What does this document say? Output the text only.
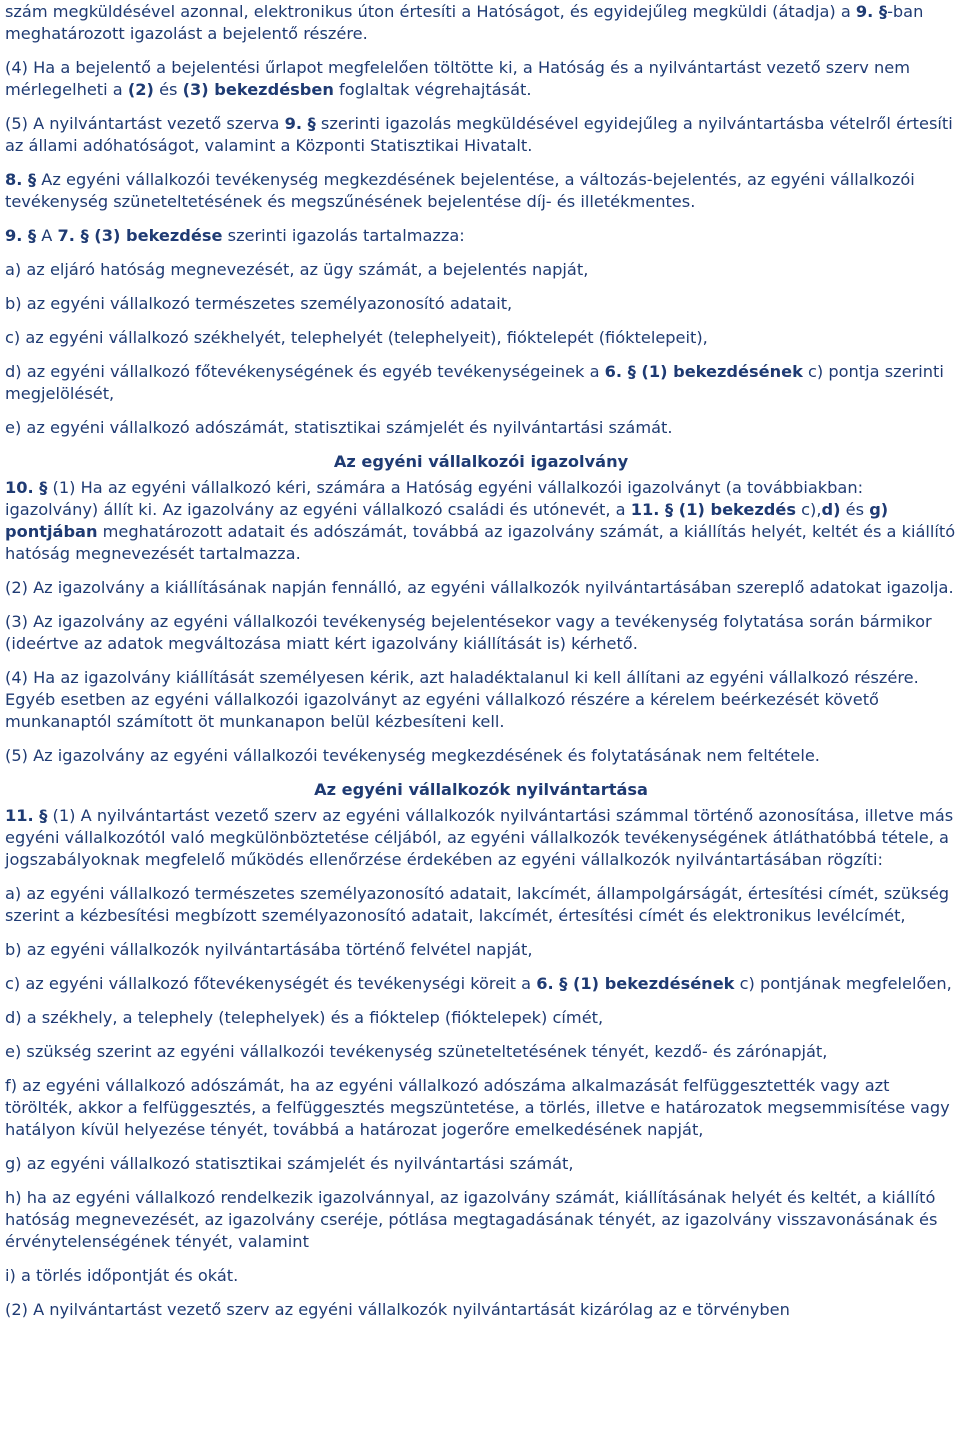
szám megküldésével azonnal, elektronikus úton értesíti a Hatóságot, és egyidejűleg megküldi (átadja) a 9. §-ban meghatározott igazolást a bejelentő részére.

(4) Ha a bejelentő a bejelentési űrlapot megfelelően töltötte ki, a Hatóság és a nyilvántartást vezető szerv nem mérlegelheti a (2) és (3) bekezdésben foglaltak végrehajtását.

(5) A nyilvántartást vezető szerva 9. § szerinti igazolás megküldésével egyidejűleg a nyilvántartásba vételről értesíti az állami adóhatóságot, valamint a Központi Statisztikai Hivatalt.

8. § Az egyéni vállalkozói tevékenység megkezdésének bejelentése, a változás-bejelentés, az egyéni vállalkozói tevékenység szüneteltetésének és megszűnésének bejelentése díj- és illetékmentes.

9. § A 7. § (3) bekezdése szerinti igazolás tartalmazza:

a) az eljáró hatóság megnevezését, az ügy számát, a bejelentés napját,

b) az egyéni vállalkozó természetes személyazonosító adatait,

c) az egyéni vállalkozó székhelyét, telephelyét (telephelyeit), fióktelepét (fióktelepeit),

d) az egyéni vállalkozó főtevékenységének és egyéb tevékenységeinek a 6. § (1) bekezdésének c) pontja szerinti megjelölését,

e) az egyéni vállalkozó adószámát, statisztikai számjelét és nyilvántartási számát.

Az egyéni vállalkozói igazolvány

10. § (1) Ha az egyéni vállalkozó kéri, számára a Hatóság egyéni vállalkozói igazolványt (a továbbiakban: igazolvány) állít ki. Az igazolvány az egyéni vállalkozó családi és utónevét, a 11. § (1) bekezdés c),d) és g) pontjában meghatározott adatait és adószámát, továbbá az igazolvány számát, a kiállítás helyét, keltét és a kiállító hatóság megnevezését tartalmazza.

(2) Az igazolvány a kiállításának napján fennálló, az egyéni vállalkozók nyilvántartásában szereplő adatokat igazolja.

(3) Az igazolvány az egyéni vállalkozói tevékenység bejelentésekor vagy a tevékenység folytatása során bármikor (ideértve az adatok megváltozása miatt kért igazolvány kiállítását is) kérhető.

(4) Ha az igazolvány kiállítását személyesen kérik, azt haladéktalanul ki kell állítani az egyéni vállalkozó részére. Egyéb esetben az egyéni vállalkozói igazolványt az egyéni vállalkozó részére a kérelem beérkezését követő munkanaptól számított öt munkanapon belül kézbesíteni kell.

(5) Az igazolvány az egyéni vállalkozói tevékenység megkezdésének és folytatásának nem feltétele.

Az egyéni vállalkozók nyilvántartása

11. § (1) A nyilvántartást vezető szerv az egyéni vállalkozók nyilvántartási számmal történő azonosítása, illetve más egyéni vállalkozótól való megkülönböztetése céljából, az egyéni vállalkozók tevékenységének átláthatóbbá tétele, a jogszabályoknak megfelelő működés ellenőrzése érdekében az egyéni vállalkozók nyilvántartásában rögzíti:

a) az egyéni vállalkozó természetes személyazonosító adatait, lakcímét, állampolgárságát, értesítési címét, szükség szerint a kézbesítési megbízott személyazonosító adatait, lakcímét, értesítési címét és elektronikus levélcímét,

b) az egyéni vállalkozók nyilvántartásába történő felvétel napját,

c) az egyéni vállalkozó főtevékenységét és tevékenységi köreit a 6. § (1) bekezdésének c) pontjának megfelelően,

d) a székhely, a telephely (telephelyek) és a fióktelep (fióktelepek) címét,

e) szükség szerint az egyéni vállalkozói tevékenység szüneteltetésének tényét, kezdő- és zárónapját,

f) az egyéni vállalkozó adószámát, ha az egyéni vállalkozó adószáma alkalmazását felfüggesztették vagy azt törölték, akkor a felfüggesztés, a felfüggesztés megszüntetése, a törlés, illetve e határozatok megsemmisítése vagy hatályon kívül helyezése tényét, továbbá a határozat jogerőre emelkedésének napját,

g) az egyéni vállalkozó statisztikai számjelét és nyilvántartási számát,

h) ha az egyéni vállalkozó rendelkezik igazolvánnyal, az igazolvány számát, kiállításának helyét és keltét, a kiállító hatóság megnevezését, az igazolvány cseréje, pótlása megtagadásának tényét, az igazolvány visszavonásának és érvénytelenségének tényét, valamint

i) a törlés időpontját és okát.

(2) A nyilvántartást vezető szerv az egyéni vállalkozók nyilvántartását kizárólag az e törvényben
